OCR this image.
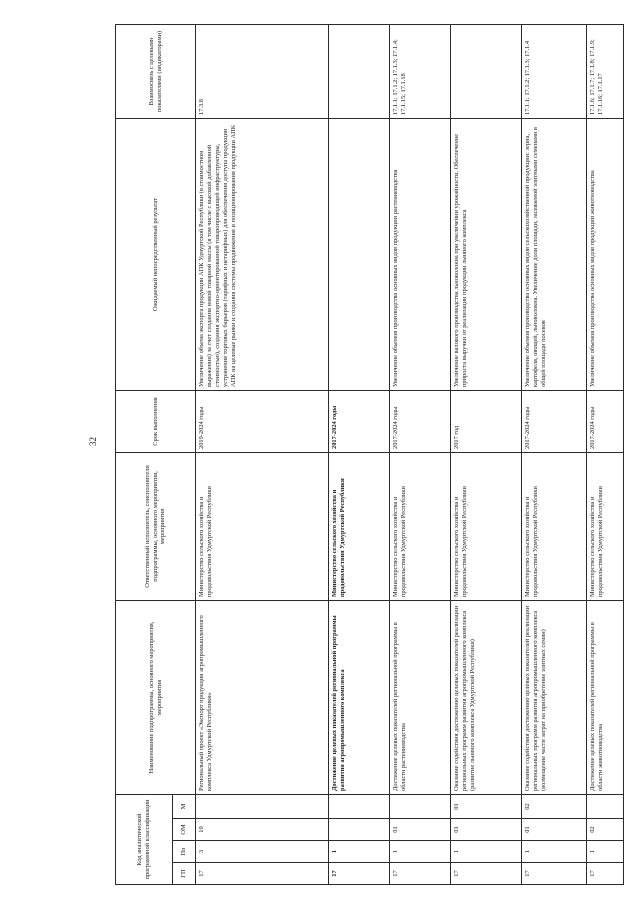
32
Код аналитической программной классификации				Наименование подпрограммы, основного мероприятия, мероприятия	Ответственный исполнитель, соисполнители подпрограммы, основного мероприятия, мероприятия	Срок выполнения	Ожидаемый непосредственный результат	Взаимосвязь с целевыми показателями (индикаторами)
ГП	Пп	ОМ	М					
17	3	10		Региональный проект «Экспорт продукции агропромышленного комплекса Удмуртской Республики»	Министерство сельского хозяйства и продовольствия Удмуртской Республики	2019-2024 годы	Увеличение объема экспорта продукции АПК Удмуртской Республики (в стоимостном выражении) за счет создания новой товарной массы (в том числе с высокой добавленной стоимостью), создания экспортно-ориентированной товаропроводящей инфраструктуры, устранения торговых барьеров (тарифных и нетарифных) для обеспечения доступа продукции АПК на целевые рынки и создания системы продвижения и позиционирования продукции АПК	17.3.8
17	1			Достижение целевых показателей региональной программы развития агропромышленного комплекса	Министерство сельского хозяйства и продовольствия Удмуртской Республики	2017-2024 годы		
17	1	01		Достижение целевых показателей региональной программы в области растениеводства	Министерство сельского хозяйства и продовольствия Удмуртской Республики	2017-2024 годы	Увеличение объемов производства основных видов продукции растениеводства	17.1.1; 17.1.2; 17.1.3; 17.1.4; 17.1.15; 17.1.18
17	1	01	01	Оказание содействия достижению целевых показателей реализации региональных программ развития агропромышленного комплекса (развитие льняного комплекса Удмуртской Республики)	Министерство сельского хозяйства и продовольствия Удмуртской Республики	2017 год	Увеличение валового производства льноволокна при увеличении урожайности. Обеспечение прироста выручки от реализации продукции льняного комплекса	
17	1	01	02	Оказание содействия достижению целевых показателей реализации региональных программ развития агропромышленного комплекса (возмещение части затрат на приобретение элитных семян)	Министерство сельского хозяйства и продовольствия Удмуртской Республики	2017-2024 годы	Увеличение объемов производства основных видов сельскохозяйственной продукции: зерна, картофеля, овощей, льноволокна. Увеличение доли площади, засеваемой элитными семенами в общей площади посевов	17.1.1; 17.1.2; 17.1.3; 17.1.4
17	1	02		Достижение целевых показателей региональной программы в области животноводства	Министерство сельского хозяйства и продовольствия Удмуртской Республики	2017-2024 годы	Увеличение объемов производства основных видов продукции животноводства	17.1.6; 17.1.7; 17.1.8; 17.1.9; 17.1.16; 17.1.17
